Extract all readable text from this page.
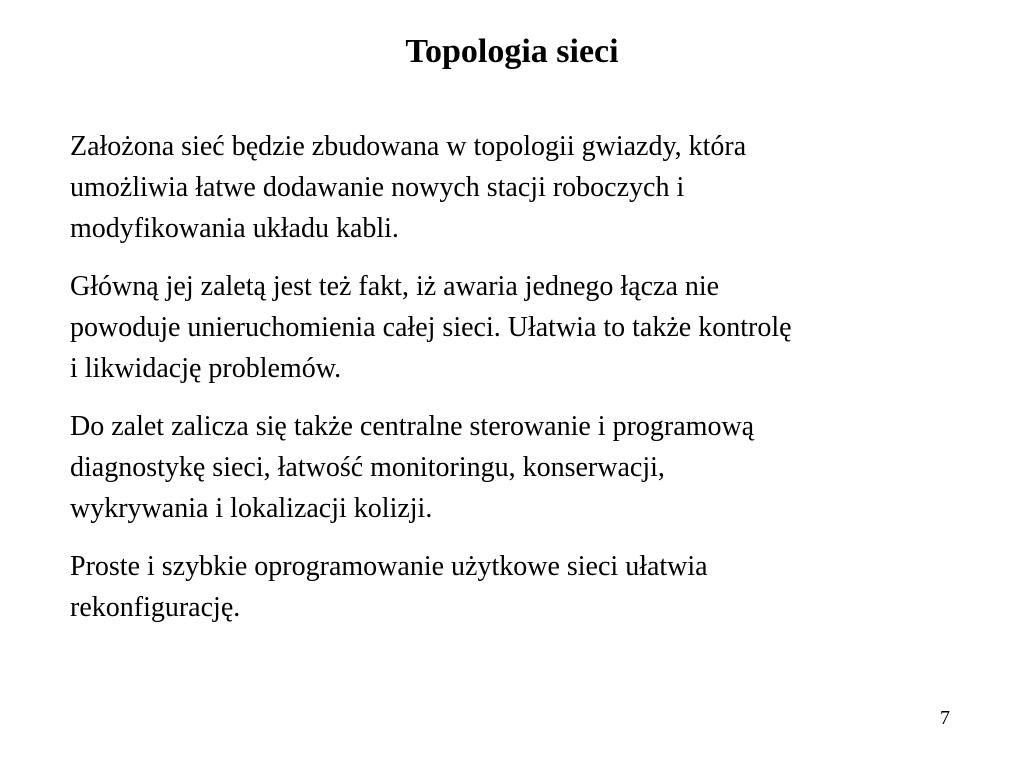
Topologia sieci

Założona sieć będzie zbudowana w topologii gwiazdy, która
umożliwia łatwe dodawanie nowych stacji roboczych i
modyfikowania układu kabli.

Główną jej zaletą jest też fakt, iż awaria jednego łącza nie
powoduje unieruchomienia całej sieci. Ułatwia to także kontrolę
i likwidację problemów.

Do zalet zalicza się także centralne sterowanie i programową
diagnostykę sieci, łatwość monitoringu, konserwacji,
wykrywania i lokalizacji kolizji.

Proste i szybkie oprogramowanie użytkowe sieci ułatwia
rekonfigurację.

7
